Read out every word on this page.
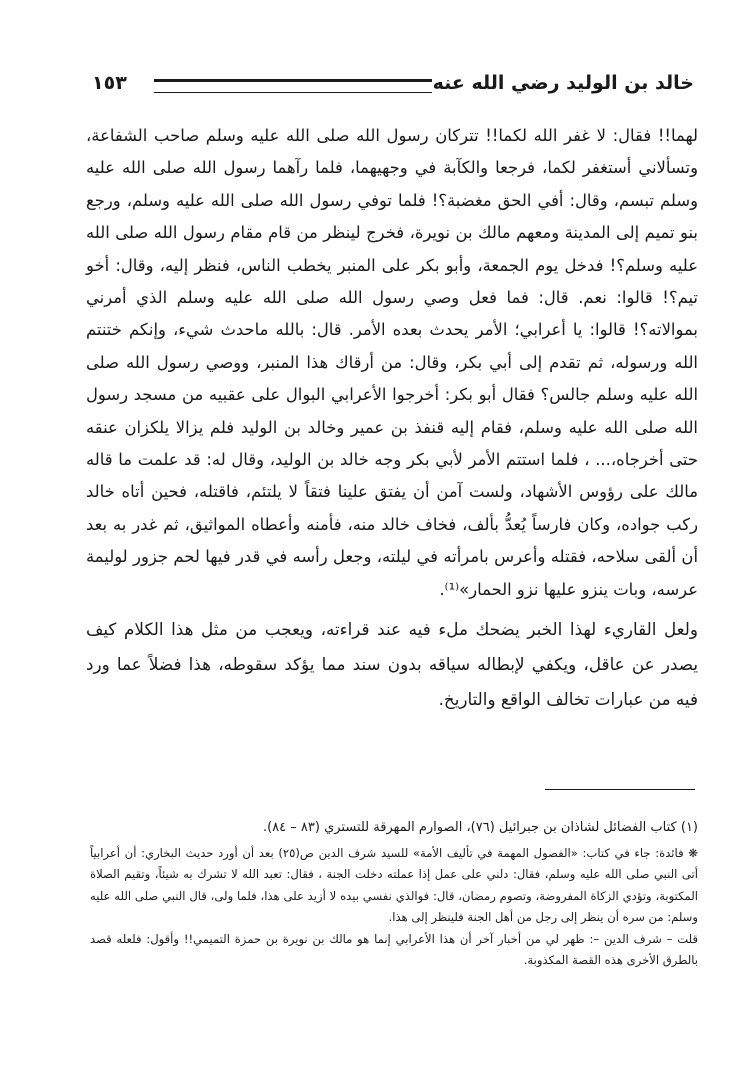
خالد بن الوليد رضي الله عنه
١٥٣

لهما!! فقال: لا غفر الله لكما!! تتركان رسول الله صلى الله عليه وسلم صاحب الشفاعة، وتسألاني أستغفر لكما، فرجعا والكآبة في وجهيهما، فلما رآهما رسول الله صلى الله عليه وسلم تبسم، وقال: أفي الحق مغضبة؟! فلما توفي رسول الله صلى الله عليه وسلم، ورجع بنو تميم إلى المدينة ومعهم مالك بن نويرة، فخرج لينظر من قام مقام رسول الله صلى الله عليه وسلم؟! فدخل يوم الجمعة، وأبو بكر على المنبر يخطب الناس، فنظر إليه، وقال: أخو تيم؟! قالوا: نعم. قال: فما فعل وصي رسول الله صلى الله عليه وسلم الذي أمرني بموالاته؟! قالوا: يا أعرابي؛ الأمر يحدث بعده الأمر. قال: بالله ماحدث شيء، وإنكم ختنتم الله ورسوله، ثم تقدم إلى أبي بكر، وقال: من أرقاك هذا المنبر، ووصي رسول الله صلى الله عليه وسلم جالس؟ فقال أبو بكر: أخرجوا الأعرابي البوال على عقبيه من مسجد رسول الله صلى الله عليه وسلم، فقام إليه قنفذ بن عمير وخالد بن الوليد فلم يزالا يلكزان عنقه حتى أخرجاه،... ، فلما استتم الأمر لأبي بكر وجه خالد بن الوليد، وقال له: قد علمت ما قاله مالك على رؤوس الأشهاد، ولست آمن أن يفتق علينا فتقاً لا يلتئم، فاقتله، فحين أتاه خالد ركب جواده، وكان فارساً يُعدُّ بألف، فخاف خالد منه، فأمنه وأعطاه المواثيق، ثم غدر به بعد أن ألقى سلاحه، فقتله وأعرس بامرأته في ليلته، وجعل رأسه في قدر فيها لحم جزور لوليمة عرسه، وبات ينزو عليها نزو الحمار»⁽¹⁾.

ولعل القاريء لهذا الخبر يضحك ملء فيه عند قراءته، ويعجب من مثل هذا الكلام كيف يصدر عن عاقل، ويكفي لإبطاله سياقه بدون سند مما يؤكد سقوطه، هذا فضلاً عما ورد فيه من عبارات تخالف الواقع والتاريخ.

(١) كتاب الفضائل لشاذان بن جبرائيل (٧٦)، الصوارم المهرقة للتستري (٨٣ – ٨٤).

❋ فائدة: جاء في كتاب: «الفصول المهمة في تأليف الأمة» للسيد شرف الدين ص(٢٥) بعد أن أورد حديث البخاري: أن أعرابياً أتى النبي صلى الله عليه وسلم، فقال: دلني على عمل إذا عملته دخلت الجنة ، فقال: تعبد الله لا تشرك به شيئاً، وتقيم الصلاة المكتوبة، وتؤدي الزكاة المفروضة، وتصوم رمضان، قال: فوالذي نفسي بيده لا أزيد على هذا، فلما ولى، قال النبي صلى الله عليه وسلم: من سره أن ينظر إلى رجل من أهل الجنة فلينظر إلى هذا.

قلت – شرف الدين –: ظهر لي من أخبار آخر أن هذا الأعرابي إنما هو مالك بن نويرة بن حمزة التميمي!! وأقول: فلعله قصد بالطرق الأخرى هذه القصة المكذوبة.
